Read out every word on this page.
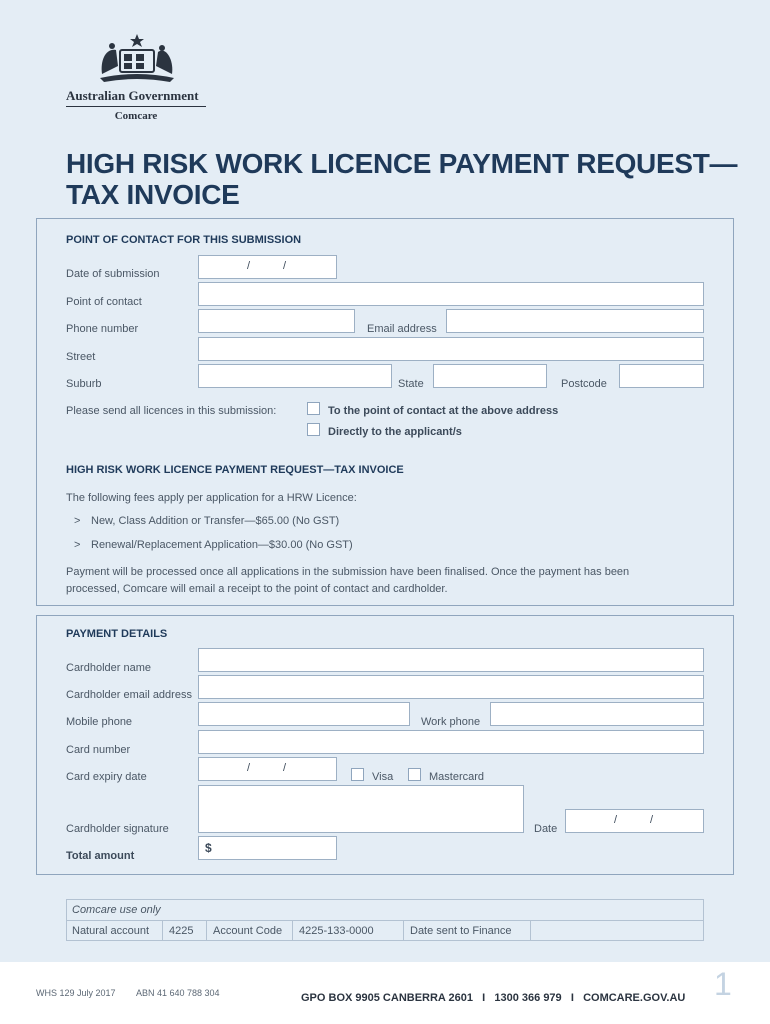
Australian Government
Comcare
HIGH RISK WORK LICENCE PAYMENT REQUEST— TAX INVOICE
POINT OF CONTACT FOR THIS SUBMISSION
Date of submission
/	/
Point of contact
Phone number	Email address
Street
Suburb	State	Postcode
Please send all licences in this submission:	To the point of contact at the above address
Directly to the applicant/s
HIGH RISK WORK LICENCE PAYMENT REQUEST—TAX INVOICE
The following fees apply per application for a HRW Licence:
> New, Class Addition or Transfer—$65.00 (No GST)
> Renewal/Replacement Application—$30.00 (No GST)
Payment will be processed once all applications in the submission have been finalised. Once the payment has been processed, Comcare will email a receipt to the point of contact and cardholder.
PAYMENT DETAILS
Cardholder name
Cardholder email address
Mobile phone	Work phone
Card number
Card expiry date
/	/
Visa	Mastercard
Cardholder signature	Date
/	/
Total amount
$
Comcare use only
Natural account 4225 Account Code 4225-133-0000	Date sent to Finance
WHS 129 July 2017 ABN 41 640 788 304	GPO BOX 9905 CANBERRA 2601   I   1300 366 979   I   COMCARE.GOV.AU 1
